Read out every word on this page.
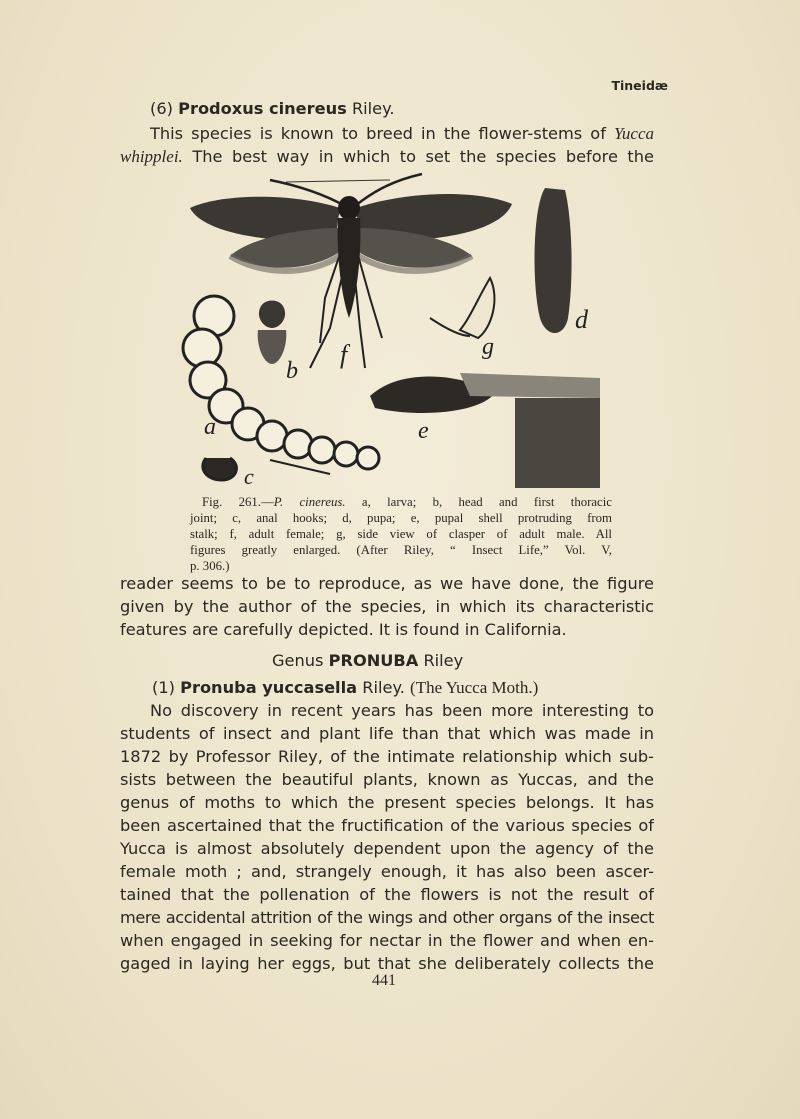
Tineidæ
(6) Prodoxus cinereus Riley.
This species is known to breed in the flower-stems of Yucca
whipplei. The best way in which to set the species before the
f
b
a
c
g
d
e
Fig. 261.—P. cinereus. a, larva; b, head and first thoracic
joint; c, anal hooks; d, pupa; e, pupal shell protruding from
stalk; f, adult female; g, side view of clasper of adult male. All
figures greatly enlarged. (After Riley, “ Insect Life,” Vol. V,
p. 306.)
reader seems to be to reproduce, as we have done, the figure
given by the author of the species, in which its characteristic
features are carefully depicted. It is found in California.
Genus PRONUBA Riley
(1) Pronuba yuccasella Riley. (The Yucca Moth.)
No discovery in recent years has been more interesting to
students of insect and plant life than that which was made in
1872 by Professor Riley, of the intimate relationship which sub-
sists between the beautiful plants, known as Yuccas, and the
genus of moths to which the present species belongs. It has
been ascertained that the fructification of the various species of
Yucca is almost absolutely dependent upon the agency of the
female moth ; and, strangely enough, it has also been ascer-
tained that the pollenation of the flowers is not the result of
mere accidental attrition of the wings and other organs of the insect
when engaged in seeking for nectar in the flower and when en-
gaged in laying her eggs, but that she deliberately collects the
441
